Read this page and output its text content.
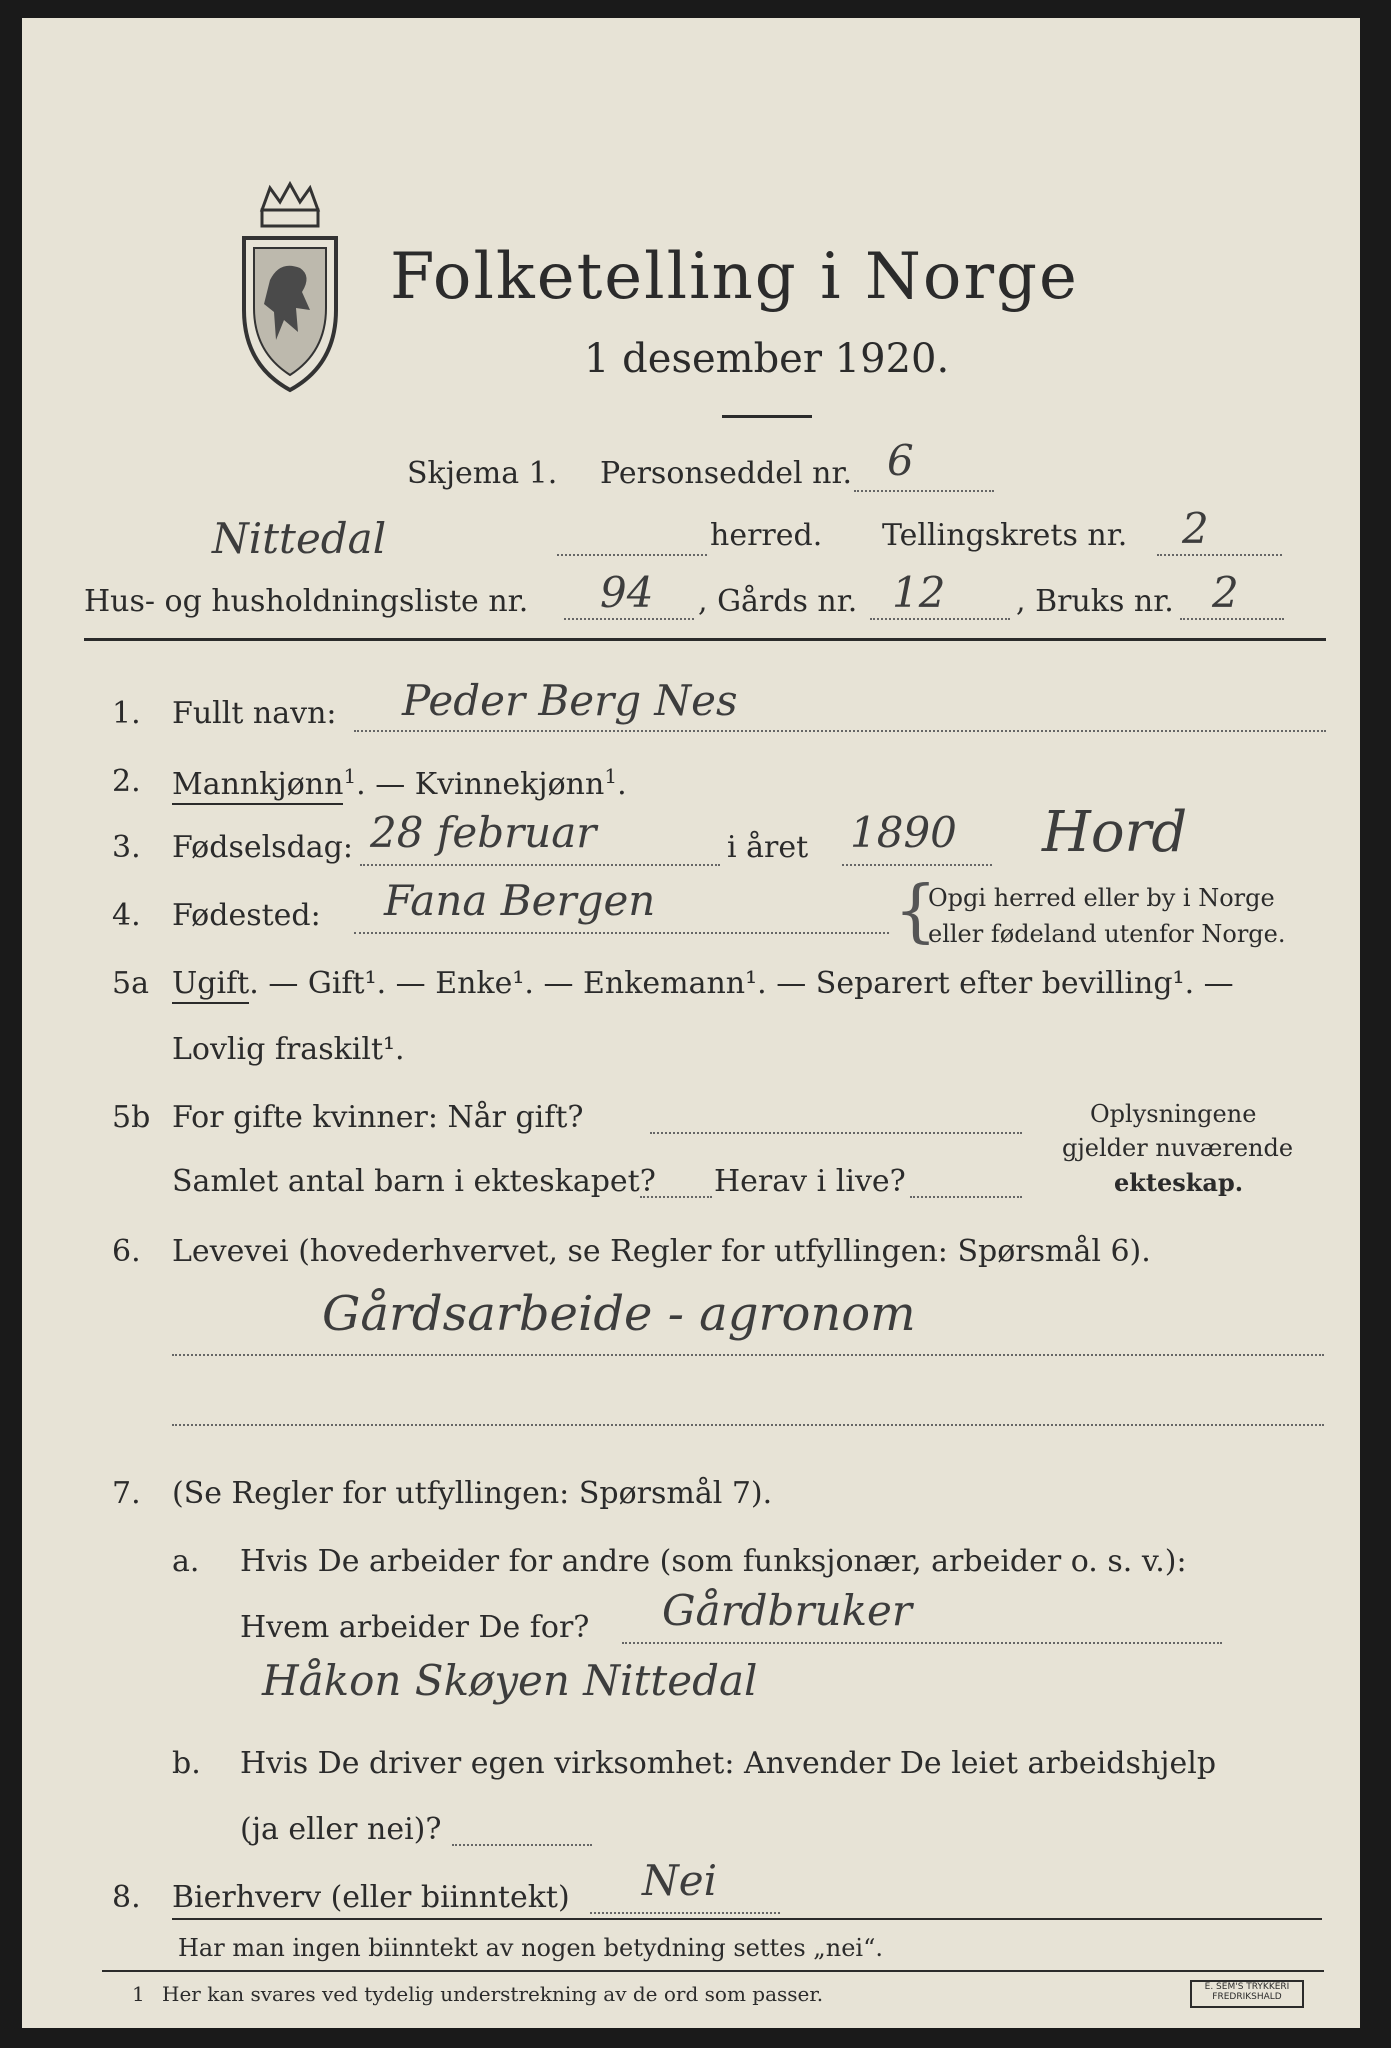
Folketelling i Norge
1 desember 1920.
Skjema 1. Personseddel nr. 6
Nittedal	herred. Tellingskrets nr. 2
Hus- og husholdningsliste nr. 94 , Gårds nr. 12 , Bruks nr. 2
1. Fullt navn: Peder Berg Nes
2. Mannkjønn$^1$. — Kvinnekjønn$^1$.
3. Fødselsdag: 28 februar	i året 1890 Hord
4. Fødested: Fana Bergen	{
Opgi herred eller by i Norge
eller fødeland utenfor Norge.
5a Ugift. — Gift¹. — Enke¹. — Enkemann¹. — Separert efter bevilling¹. —
Lovlig fraskilt¹.
5b For gifte kvinner: Når gift?
Samlet antal barn i ekteskapet? Herav i live?
Oplysningene
gjelder nuværende
ekteskap.
6. Levevei (hovederhvervet, se Regler for utfyllingen: Spørsmål 6).
Gårdsarbeide - agronom
7. (Se Regler for utfyllingen: Spørsmål 7).
a. Hvis De arbeider for andre (som funksjonær, arbeider o. s. v.):
Hvem arbeider De for? Gårdbruker
Håkon Skøyen Nittedal
b. Hvis De driver egen virksomhet: Anvender De leiet arbeidshjelp
(ja eller nei)?
8. Bierhverv (eller biinntekt) Nei
Har man ingen biinntekt av nogen betydning settes „nei“.
1 Her kan svares ved tydelig understrekning av de ord som passer.	E. SEM'S TRYKKERI FREDRIKSHALD
